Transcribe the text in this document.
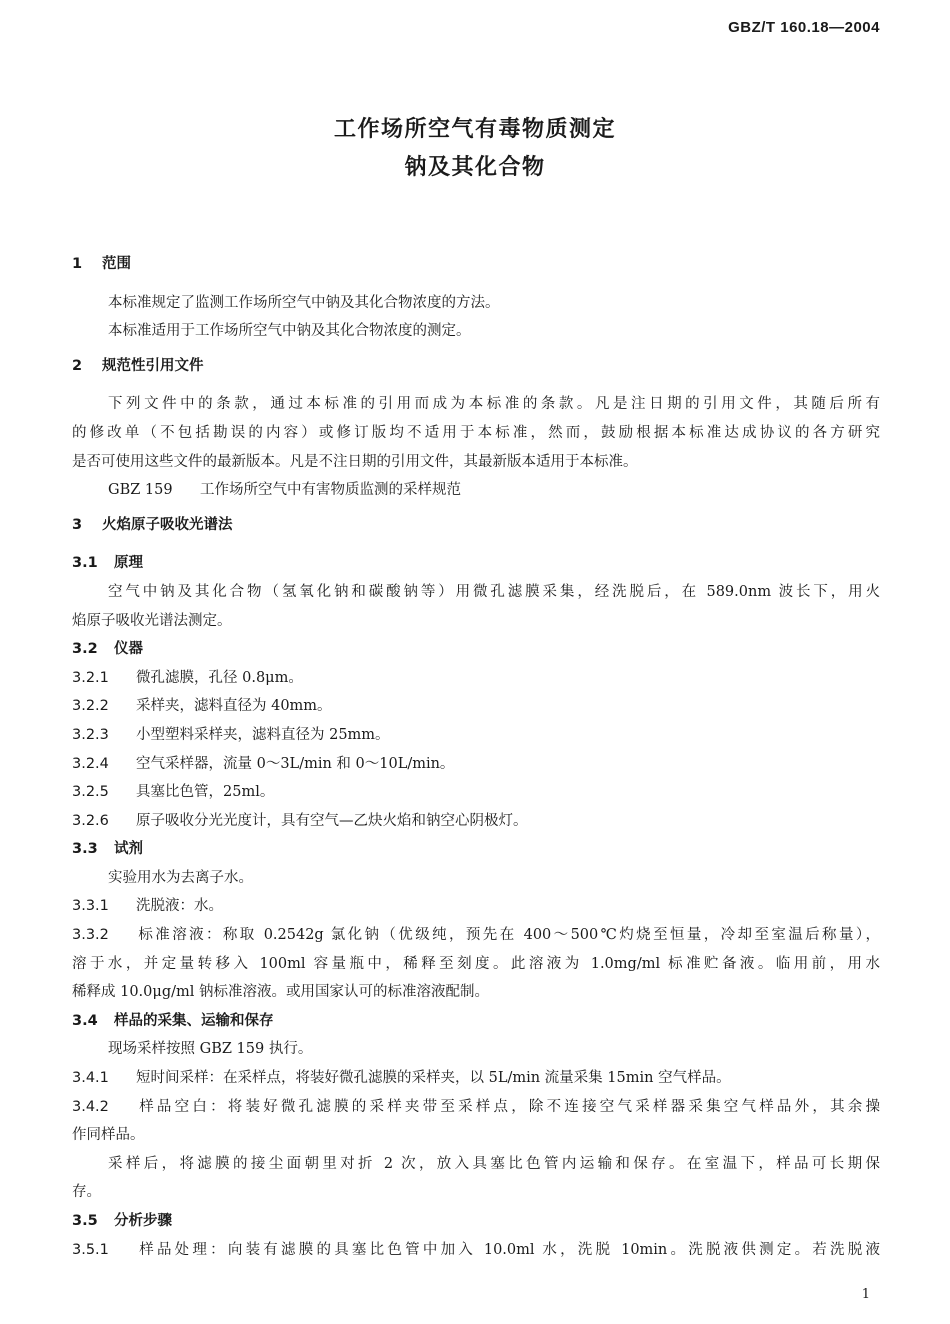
GBZ/T 160.18—2004
工作场所空气有毒物质测定
钠及其化合物
1 范围
本标准规定了监测工作场所空气中钠及其化合物浓度的方法。
本标准适用于工作场所空气中钠及其化合物浓度的测定。
2 规范性引用文件
下列文件中的条款，通过本标准的引用而成为本标准的条款。凡是注日期的引用文件，其随后所有
的修改单（不包括勘误的内容）或修订版均不适用于本标准，然而，鼓励根据本标准达成协议的各方研究
是否可使用这些文件的最新版本。凡是不注日期的引用文件，其最新版本适用于本标准。
GBZ 159 工作场所空气中有害物质监测的采样规范
3 火焰原子吸收光谱法
3.1 原理
空气中钠及其化合物（氢氧化钠和碳酸钠等）用微孔滤膜采集，经洗脱后，在 589.0nm 波长下，用火
焰原子吸收光谱法测定。
3.2 仪器
3.2.1 微孔滤膜，孔径 0.8μm。
3.2.2 采样夹，滤料直径为 40mm。
3.2.3 小型塑料采样夹，滤料直径为 25mm。
3.2.4 空气采样器，流量 0～3L/min 和 0～10L/min。
3.2.5 具塞比色管，25ml。
3.2.6 原子吸收分光光度计，具有空气—乙炔火焰和钠空心阴极灯。
3.3 试剂
实验用水为去离子水。
3.3.1 洗脱液：水。
3.3.2 标准溶液：称取 0.2542g 氯化钠（优级纯，预先在 400～500℃灼烧至恒量，冷却至室温后称量），
溶于水，并定量转移入 100ml 容量瓶中，稀释至刻度。此溶液为 1.0mg/ml 标准贮备液。临用前，用水
稀释成 10.0μg/ml 钠标准溶液。或用国家认可的标准溶液配制。
3.4 样品的采集、运输和保存
现场采样按照 GBZ 159 执行。
3.4.1 短时间采样：在采样点，将装好微孔滤膜的采样夹，以 5L/min 流量采集 15min 空气样品。
3.4.2 样品空白：将装好微孔滤膜的采样夹带至采样点，除不连接空气采样器采集空气样品外，其余操
作同样品。
采样后，将滤膜的接尘面朝里对折 2 次，放入具塞比色管内运输和保存。在室温下，样品可长期保
存。
3.5 分析步骤
3.5.1 样品处理：向装有滤膜的具塞比色管中加入 10.0ml 水，洗脱 10min。洗脱液供测定。若洗脱液
1
